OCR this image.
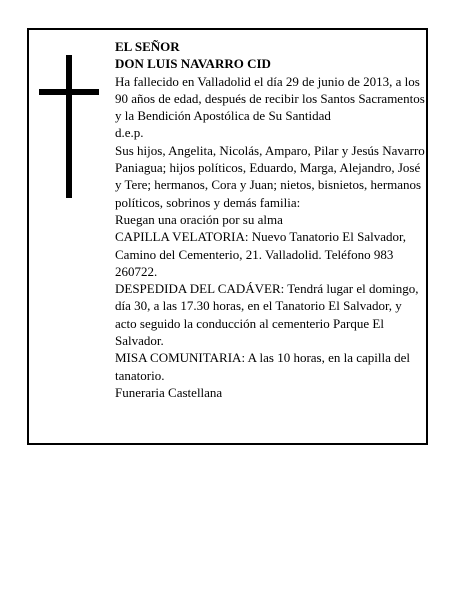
EL SEÑOR

DON LUIS NAVARRO CID

Ha fallecido en Valladolid el día 29 de junio de 2013, a los 90 años de edad, después de recibir los Santos Sacramentos y la Bendición Apostólica de Su Santidad

d.e.p.

Sus hijos, Angelita, Nicolás, Amparo, Pilar y Jesús Navarro Paniagua; hijos políticos, Eduardo, Marga, Alejandro, José y Tere; hermanos, Cora y Juan; nietos, bisnietos, hermanos políticos, sobrinos y demás familia:

Ruegan una oración por su alma

CAPILLA VELATORIA: Nuevo Tanatorio El Salvador, Camino del Cementerio, 21. Valladolid. Teléfono 983 260722.

DESPEDIDA DEL CADÁVER: Tendrá lugar el domingo, día 30, a las 17.30 horas, en el Tanatorio El Salvador, y acto seguido la conducción al cementerio Parque El Salvador.

MISA COMUNITARIA: A las 10 horas, en la capilla del tanatorio.

Funeraria Castellana
